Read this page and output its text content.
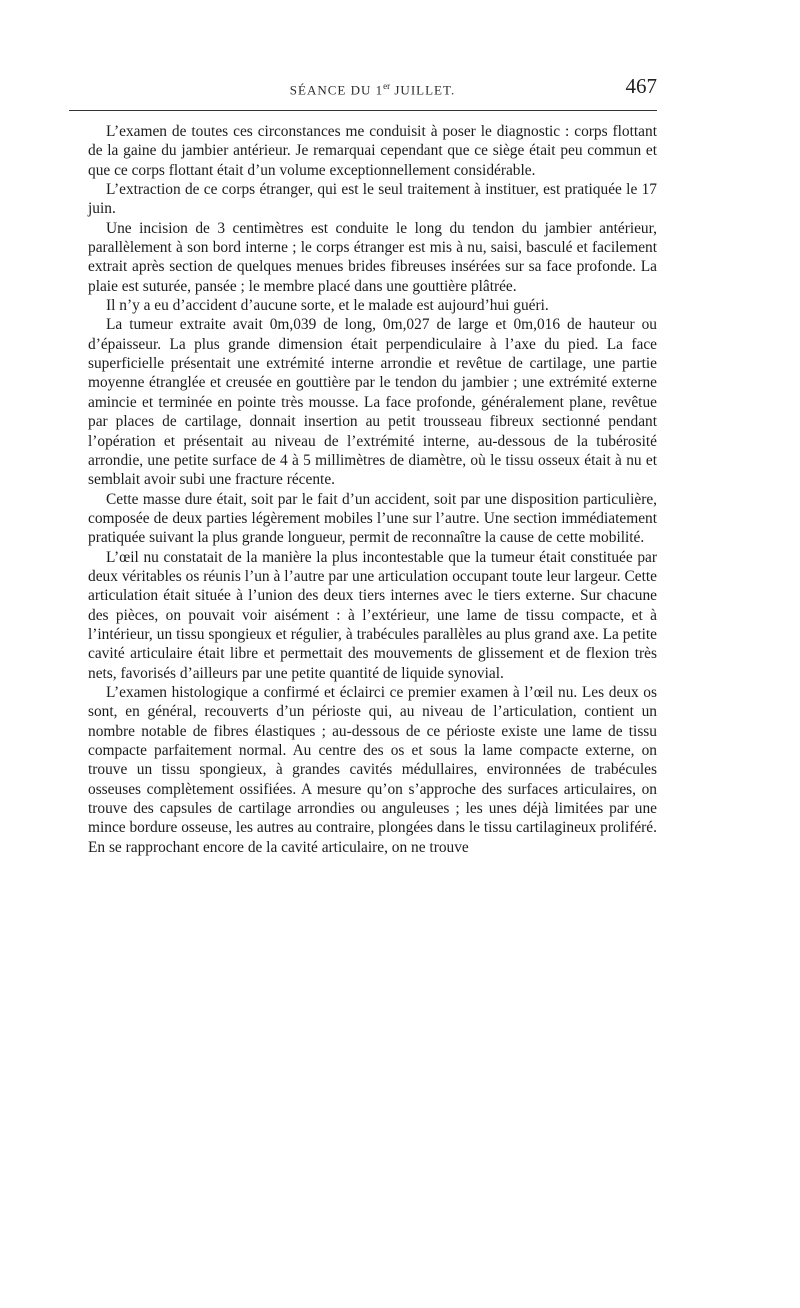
SÉANCE DU 1er JUILLET.	467

L’examen de toutes ces circonstances me conduisit à poser le diagnostic : corps flottant de la gaine du jambier antérieur. Je remarquai cependant que ce siège était peu commun et que ce corps flottant était d’un volume exceptionnellement considérable.

L’extraction de ce corps étranger, qui est le seul traitement à instituer, est pratiquée le 17 juin.

Une incision de 3 centimètres est conduite le long du tendon du jambier antérieur, parallèlement à son bord interne ; le corps étranger est mis à nu, saisi, basculé et facilement extrait après section de quelques menues brides fibreuses insérées sur sa face profonde. La plaie est suturée, pansée ; le membre placé dans une gouttière plâtrée.

Il n’y a eu d’accident d’aucune sorte, et le malade est aujourd’hui guéri.

La tumeur extraite avait 0m,039 de long, 0m,027 de large et 0m,016 de hauteur ou d’épaisseur. La plus grande dimension était perpendiculaire à l’axe du pied. La face superficielle présentait une extrémité interne arrondie et revêtue de cartilage, une partie moyenne étranglée et creusée en gouttière par le tendon du jambier ; une extrémité externe amincie et terminée en pointe très mousse. La face profonde, généralement plane, revêtue par places de cartilage, donnait insertion au petit trousseau fibreux sectionné pendant l’opération et présentait au niveau de l’extrémité interne, au-dessous de la tubérosité arrondie, une petite surface de 4 à 5 millimètres de diamètre, où le tissu osseux était à nu et semblait avoir subi une fracture récente.

Cette masse dure était, soit par le fait d’un accident, soit par une disposition particulière, composée de deux parties légèrement mobiles l’une sur l’autre. Une section immédiatement pratiquée suivant la plus grande longueur, permit de reconnaître la cause de cette mobilité.

L’œil nu constatait de la manière la plus incontestable que la tumeur était constituée par deux véritables os réunis l’un à l’autre par une articulation occupant toute leur largeur. Cette articulation était située à l’union des deux tiers internes avec le tiers externe. Sur chacune des pièces, on pouvait voir aisément : à l’extérieur, une lame de tissu compacte, et à l’intérieur, un tissu spongieux et régulier, à trabécules parallèles au plus grand axe. La petite cavité articulaire était libre et permettait des mouvements de glissement et de flexion très nets, favorisés d’ailleurs par une petite quantité de liquide synovial.

L’examen histologique a confirmé et éclairci ce premier examen à l’œil nu. Les deux os sont, en général, recouverts d’un périoste qui, au niveau de l’articulation, contient un nombre notable de fibres élastiques ; au-dessous de ce périoste existe une lame de tissu compacte parfaitement normal. Au centre des os et sous la lame compacte externe, on trouve un tissu spongieux, à grandes cavités médullaires, environnées de trabécules osseuses complètement ossifiées. A mesure qu’on s’approche des surfaces articulaires, on trouve des capsules de cartilage arrondies ou anguleuses ; les unes déjà limitées par une mince bordure osseuse, les autres au contraire, plongées dans le tissu cartilagineux proliféré. En se rapprochant encore de la cavité articulaire, on ne trouve
